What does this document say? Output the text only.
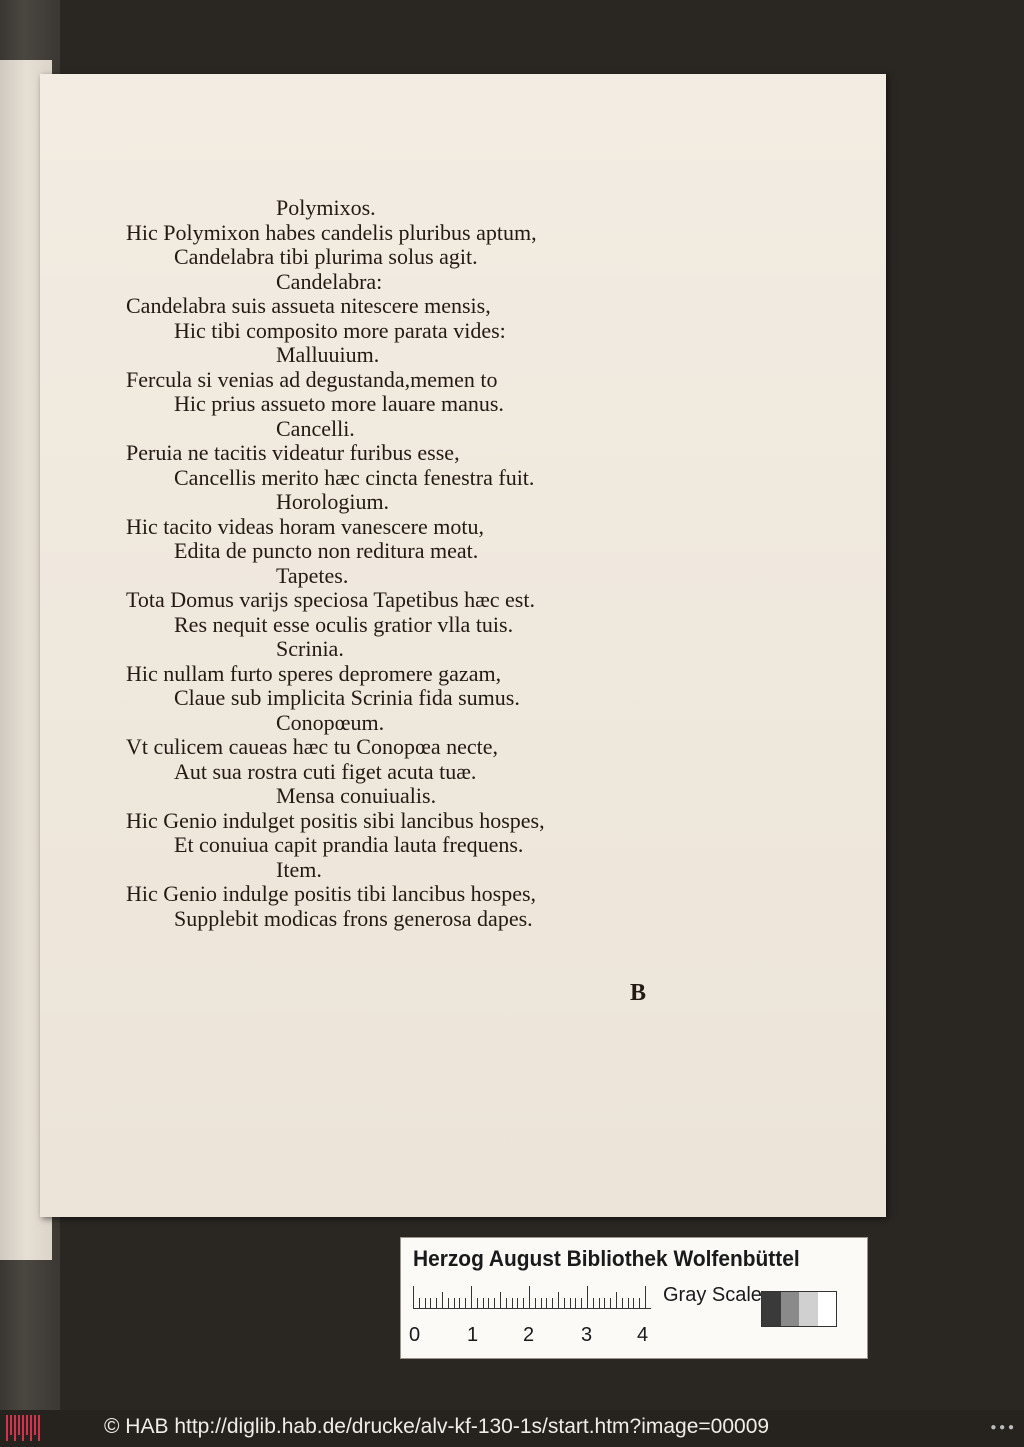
Polymixos.
Hic Polymixon habes candelis pluribus aptum,
Candelabra tibi plurima solus agit.
Candelabra:
Candelabra suis assueta nitescere mensis,
Hic tibi composito more parata vides:
Malluuium.
Fercula si venias ad degustanda,memen to
Hic prius assueto more lauare manus.
Cancelli.
Peruia ne tacitis videatur furibus esse,
Cancellis merito hæc cincta fenestra fuit.
Horologium.
Hic tacito videas horam vanescere motu,
Edita de puncto non reditura meat.
Tapetes.
Tota Domus varijs speciosa Tapetibus hæc est.
Res nequit esse oculis gratior vlla tuis.
Scrinia.
Hic nullam furto speres depromere gazam,
Claue sub implicita Scrinia fida sumus.
Conopœum.
Vt culicem caueas hæc tu Conopœa necte,
Aut sua rostra cuti figet acuta tuæ.
Mensa conuiualis.
Hic Genio indulget positis sibi lancibus hospes,
Et conuiua capit prandia lauta frequens.
Item.
Hic Genio indulge positis tibi lancibus hospes,
Supplebit modicas frons generosa dapes.
B
Herzog August Bibliothek Wolfenbüttel
0 1 2 3 4
Gray Scale
© HAB http://diglib.hab.de/drucke/alv-kf-130-1s/start.htm?image=00009	● ● ●
